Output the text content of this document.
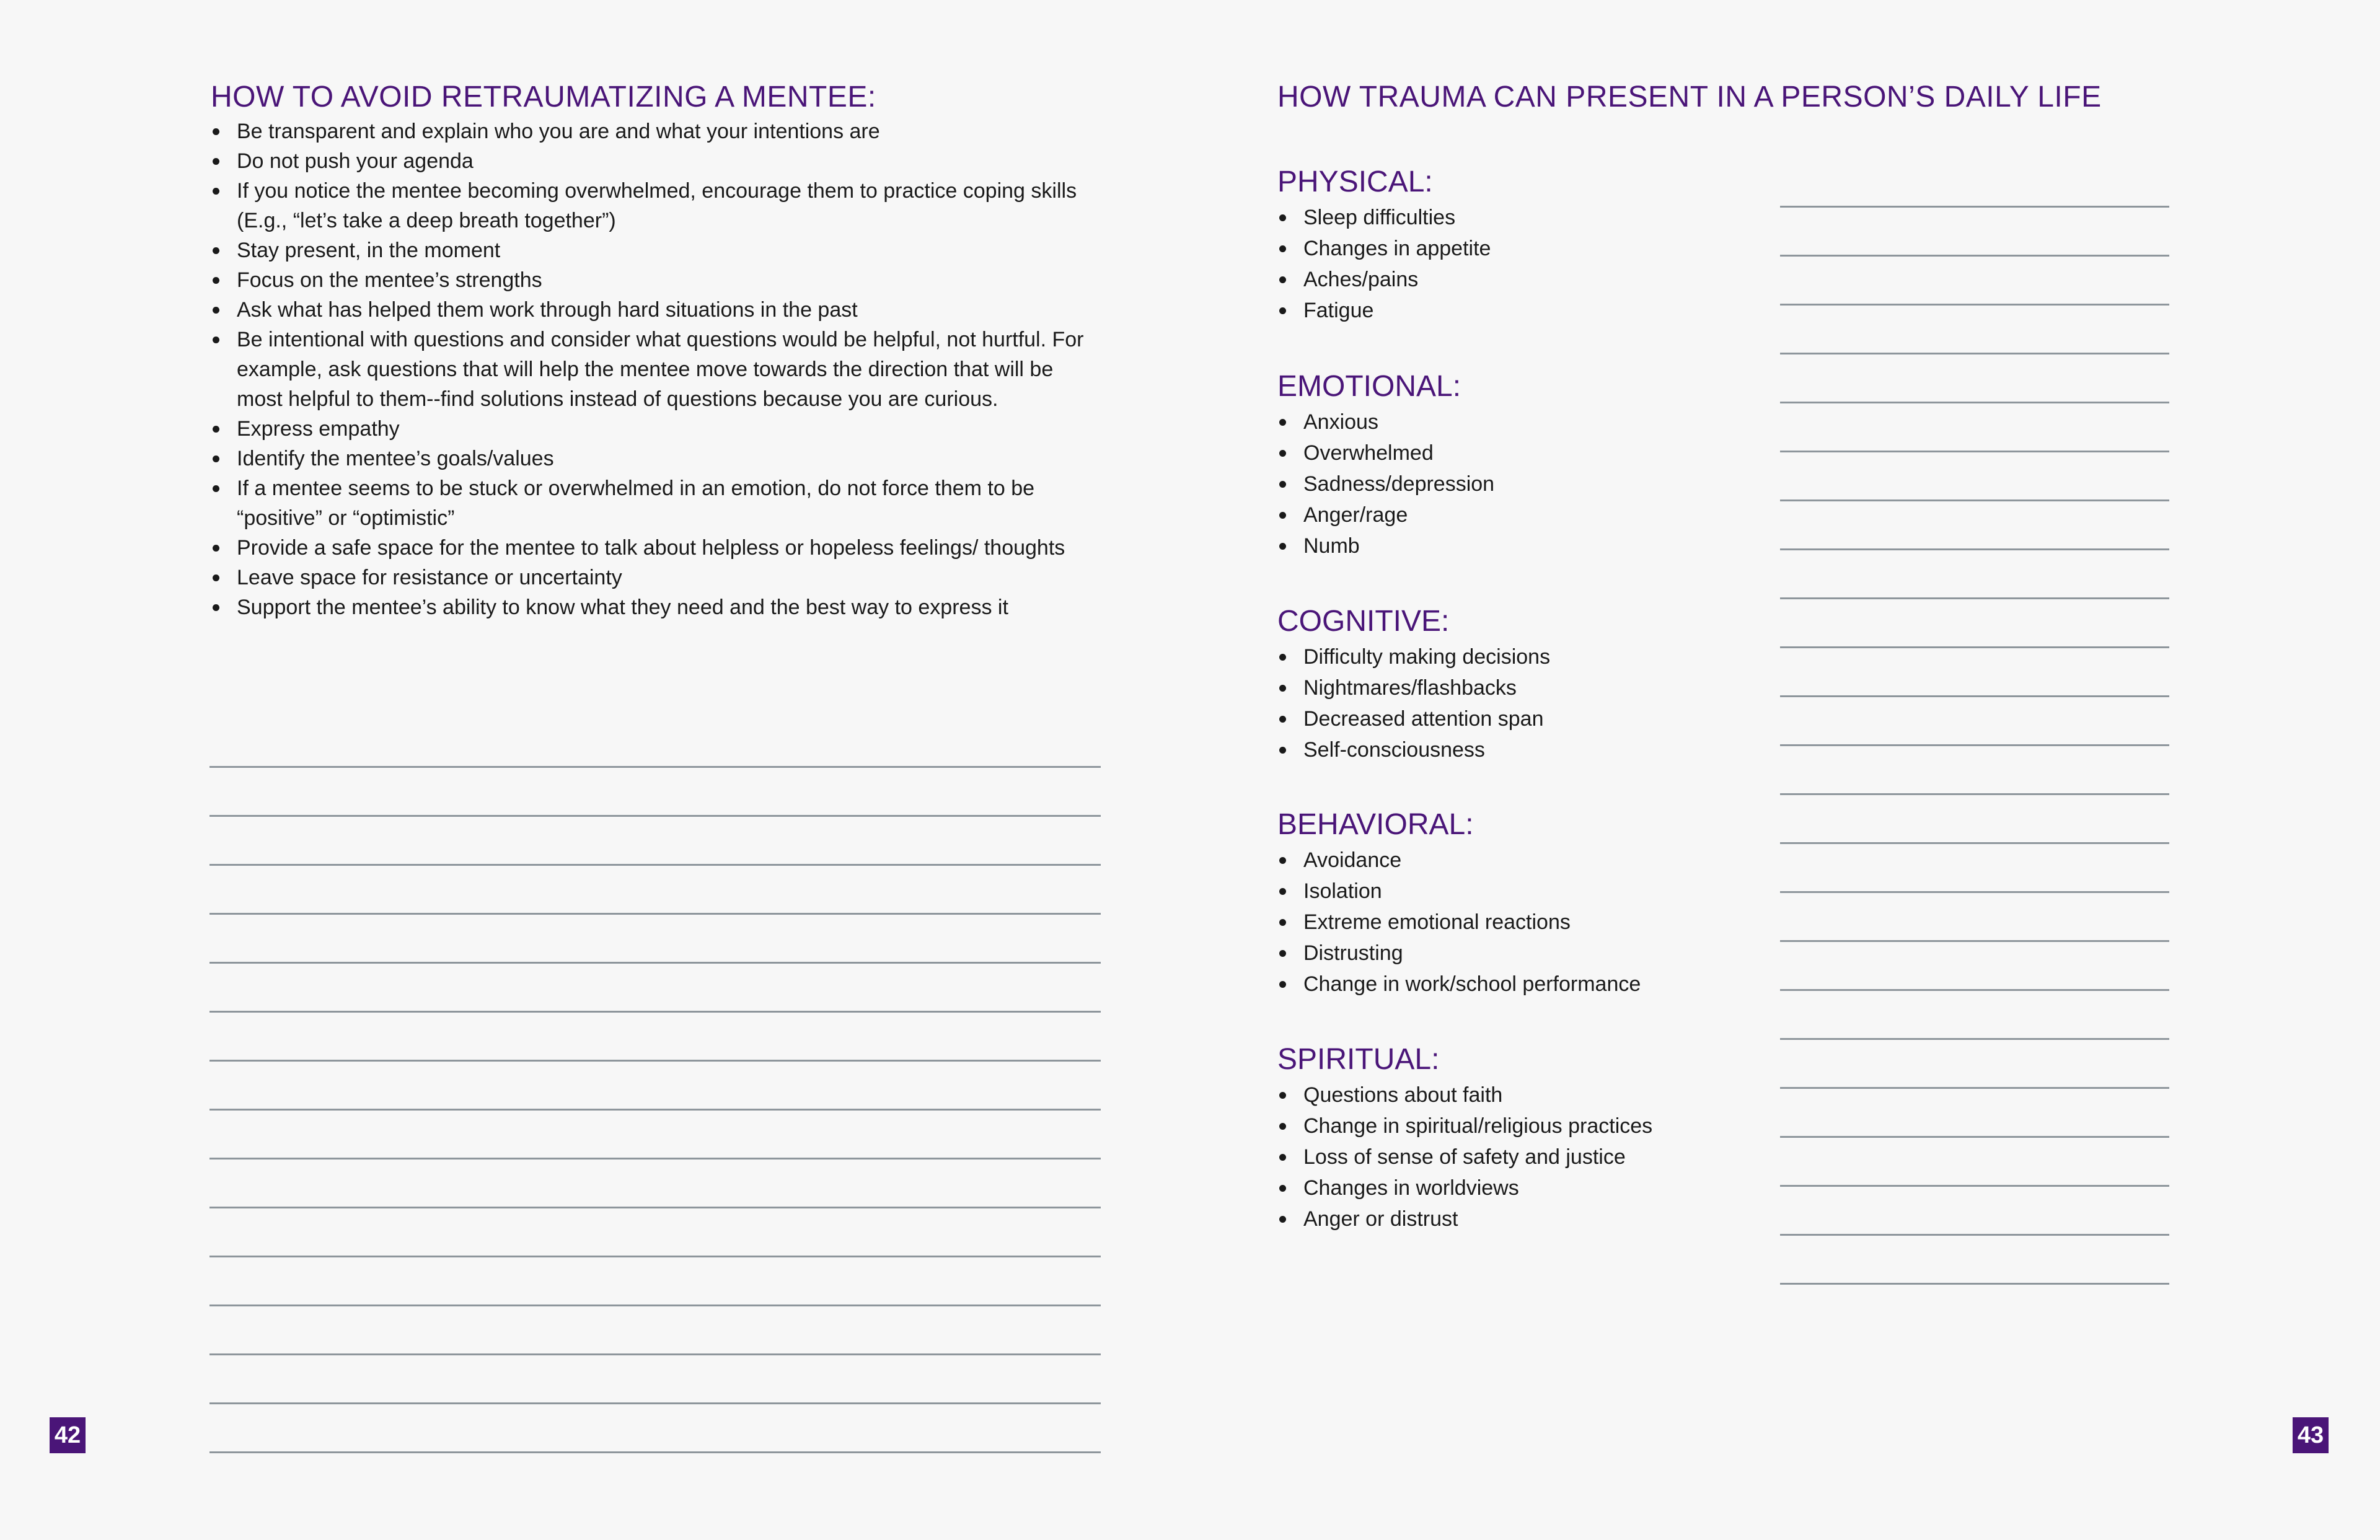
HOW TO AVOID RETRAUMATIZING A MENTEE:
Be transparent and explain who you are and what your intentions are
Do not push your agenda
If you notice the mentee becoming overwhelmed, encourage them to practice coping skills (E.g., “let’s take a deep breath together”)
Stay present, in the moment
Focus on the mentee’s strengths
Ask what has helped them work through hard situations in the past
Be intentional with questions and consider what questions would be helpful, not hurtful. For example, ask questions that will help the mentee move towards the direction that will be most helpful to them--find solutions instead of questions because you are curious.
Express empathy
Identify the mentee’s goals/values
If a mentee seems to be stuck or overwhelmed in an emotion, do not force them to be “positive” or “optimistic”
Provide a safe space for the mentee to talk about helpless or hopeless feelings/ thoughts
Leave space for resistance or uncertainty
Support the mentee’s ability to know what they need and the best way to express it
42
HOW TRAUMA CAN PRESENT IN A PERSON’S DAILY LIFE
PHYSICAL:
Sleep difficulties
Changes in appetite
Aches/pains
Fatigue
EMOTIONAL:
Anxious
Overwhelmed
Sadness/depression
Anger/rage
Numb
COGNITIVE:
Difficulty making decisions
Nightmares/flashbacks
Decreased attention span
Self-consciousness
BEHAVIORAL:
Avoidance
Isolation
Extreme emotional reactions
Distrusting
Change in work/school performance
SPIRITUAL:
Questions about faith
Change in spiritual/religious practices
Loss of sense of safety and justice
Changes in worldviews
Anger or distrust
43
